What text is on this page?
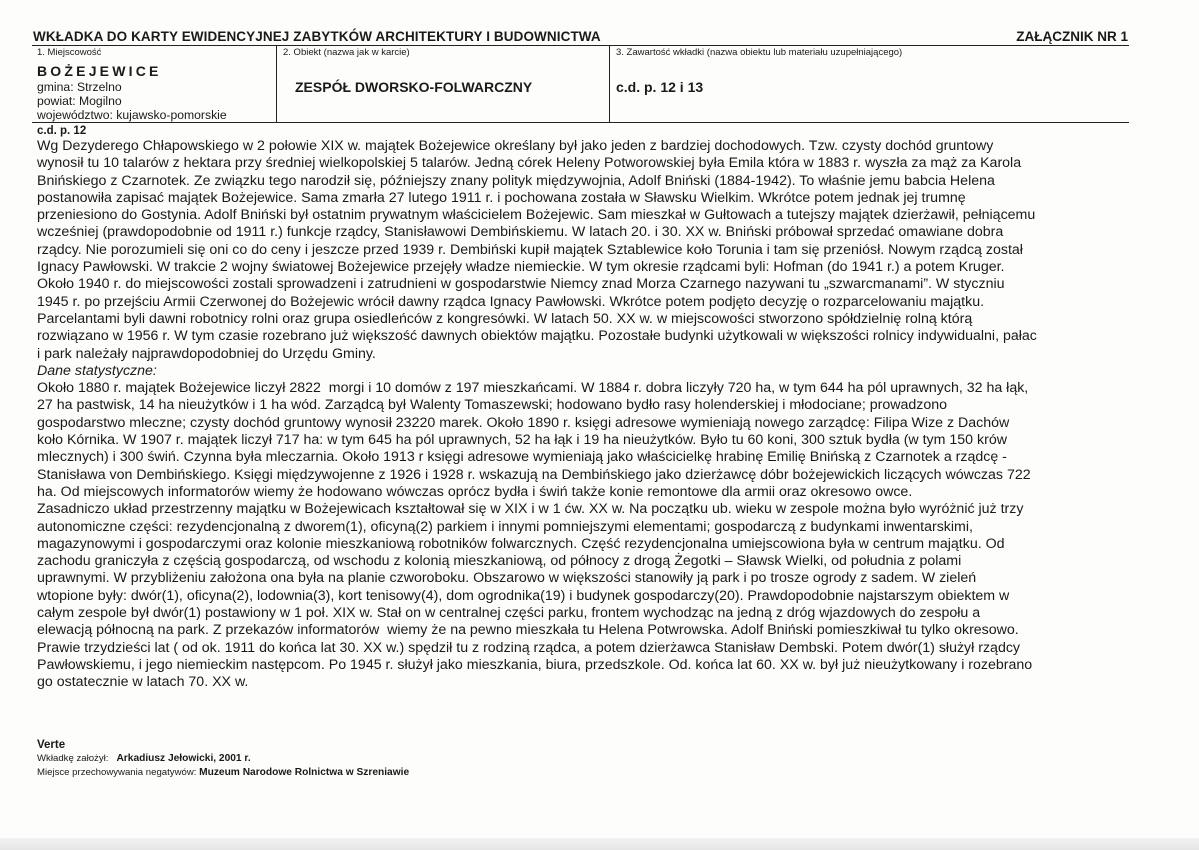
WKŁADKA DO KARTY EWIDENCYJNEJ ZABYTKÓW ARCHITEKTURY I BUDOWNICTWA	ZAŁĄCZNIK NR 1
1. Miejscowość
BOŻEJEWICE
gmina: Strzelno
powiat: Mogilno
województwo: kujawsko-pomorskie
2. Obiekt (nazwa jak w karcie)
ZESPÓŁ DWORSKO-FOLWARCZNY
3. Zawartość wkładki (nazwa obiektu lub materiału uzupełniającego)
c.d. p. 12 i 13
c.d. p. 12
Wg Dezyderego Chłapowskiego w 2 połowie XIX w. majątek Bożejewice określany był jako jeden z bardziej dochodowych. Tzw. czysty dochód gruntowy
wynosił tu 10 talarów z hektara przy średniej wielkopolskiej 5 talarów. Jedną córek Heleny Potworowskiej była Emila która w 1883 r. wyszła za mąż za Karola
Bnińskiego z Czarnotek. Ze związku tego narodził się, późniejszy znany polityk międzywojnia, Adolf Bniński (1884-1942). To właśnie jemu babcia Helena
postanowiła zapisać majątek Bożejewice. Sama zmarła 27 lutego 1911 r. i pochowana została w Sławsku Wielkim. Wkrótce potem jednak jej trumnę
przeniesiono do Gostynia. Adolf Bniński był ostatnim prywatnym właścicielem Bożejewic. Sam mieszkał w Gułtowach a tutejszy majątek dzierżawił, pełniącemu
wcześniej (prawdopodobnie od 1911 r.) funkcje rządcy, Stanisławowi Dembińskiemu. W latach 20. i 30. XX w. Bniński próbował sprzedać omawiane dobra
rządcy. Nie porozumieli się oni co do ceny i jeszcze przed 1939 r. Dembiński kupił majątek Sztablewice koło Torunia i tam się przeniósł. Nowym rządcą został
Ignacy Pawłowski. W trakcie 2 wojny światowej Bożejewice przejęły władze niemieckie. W tym okresie rządcami byli: Hofman (do 1941 r.) a potem Kruger.
Około 1940 r. do miejscowości zostali sprowadzeni i zatrudnieni w gospodarstwie Niemcy znad Morza Czarnego nazywani tu „szwarcmanami”. W styczniu
1945 r. po przejściu Armii Czerwonej do Bożejewic wrócił dawny rządca Ignacy Pawłowski. Wkrótce potem podjęto decyzję o rozparcelowaniu majątku.
Parcelantami byli dawni robotnicy rolni oraz grupa osiedleńców z kongresówki. W latach 50. XX w. w miejscowości stworzono spółdzielnię rolną którą
rozwiązano w 1956 r. W tym czasie rozebrano już większość dawnych obiektów majątku. Pozostałe budynki użytkowali w większości rolnicy indywidualni, pałac
i park należały najprawdopodobniej do Urzędu Gminy.
Dane statystyczne:
Około 1880 r. majątek Bożejewice liczył 2822  morgi i 10 domów z 197 mieszkańcami. W 1884 r. dobra liczyły 720 ha, w tym 644 ha pól uprawnych, 32 ha łąk,
27 ha pastwisk, 14 ha nieużytków i 1 ha wód. Zarządcą był Walenty Tomaszewski; hodowano bydło rasy holenderskiej i młodociane; prowadzono
gospodarstwo mleczne; czysty dochód gruntowy wynosił 23220 marek. Około 1890 r. księgi adresowe wymieniają nowego zarządcę: Filipa Wize z Dachów
koło Kórnika. W 1907 r. majątek liczył 717 ha: w tym 645 ha pól uprawnych, 52 ha łąk i 19 ha nieużytków. Było tu 60 koni, 300 sztuk bydła (w tym 150 krów
mlecznych) i 300 świń. Czynna była mleczarnia. Około 1913 r księgi adresowe wymieniają jako właścicielkę hrabinę Emilię Bnińską z Czarnotek a rządcę -
Stanisława von Dembińskiego. Księgi międzywojenne z 1926 i 1928 r. wskazują na Dembińskiego jako dzierżawcę dóbr bożejewickich liczących wówczas 722
ha. Od miejscowych informatorów wiemy że hodowano wówczas oprócz bydła i świń także konie remontowe dla armii oraz okresowo owce.
Zasadniczo układ przestrzenny majątku w Bożejewicach kształtował się w XIX i w 1 ćw. XX w. Na początku ub. wieku w zespole można było wyróżnić już trzy
autonomiczne części: rezydencjonalną z dworem(1), oficyną(2) parkiem i innymi pomniejszymi elementami; gospodarczą z budynkami inwentarskimi,
magazynowymi i gospodarczymi oraz kolonie mieszkaniową robotników folwarcznych. Część rezydencjonalna umiejscowiona była w centrum majątku. Od
zachodu graniczyła z częścią gospodarczą, od wschodu z kolonią mieszkaniową, od północy z drogą Żegotki – Sławsk Wielki, od południa z polami
uprawnymi. W przybliżeniu założona ona była na planie czworoboku. Obszarowo w większości stanowiły ją park i po trosze ogrody z sadem. W zieleń
wtopione były: dwór(1), oficyna(2), lodownia(3), kort tenisowy(4), dom ogrodnika(19) i budynek gospodarczy(20). Prawdopodobnie najstarszym obiektem w
całym zespole był dwór(1) postawiony w 1 poł. XIX w. Stał on w centralnej części parku, frontem wychodząc na jedną z dróg wjazdowych do zespołu a
elewacją północną na park. Z przekazów informatorów  wiemy że na pewno mieszkała tu Helena Potwrowska. Adolf Bniński pomieszkiwał tu tylko okresowo.
Prawie trzydzieści lat ( od ok. 1911 do końca lat 30. XX w.) spędził tu z rodziną rządca, a potem dzierżawca Stanisław Dembski. Potem dwór(1) służył rządcy
Pawłowskiemu, i jego niemieckim następcom. Po 1945 r. służył jako mieszkania, biura, przedszkole. Od. końca lat 60. XX w. był już nieużytkowany i rozebrano
go ostatecznie w latach 70. XX w.
Verte
Wkładkę założył: Arkadiusz Jełowicki, 2001 r.
Miejsce przechowywania negatywów: Muzeum Narodowe Rolnictwa w Szreniawie
